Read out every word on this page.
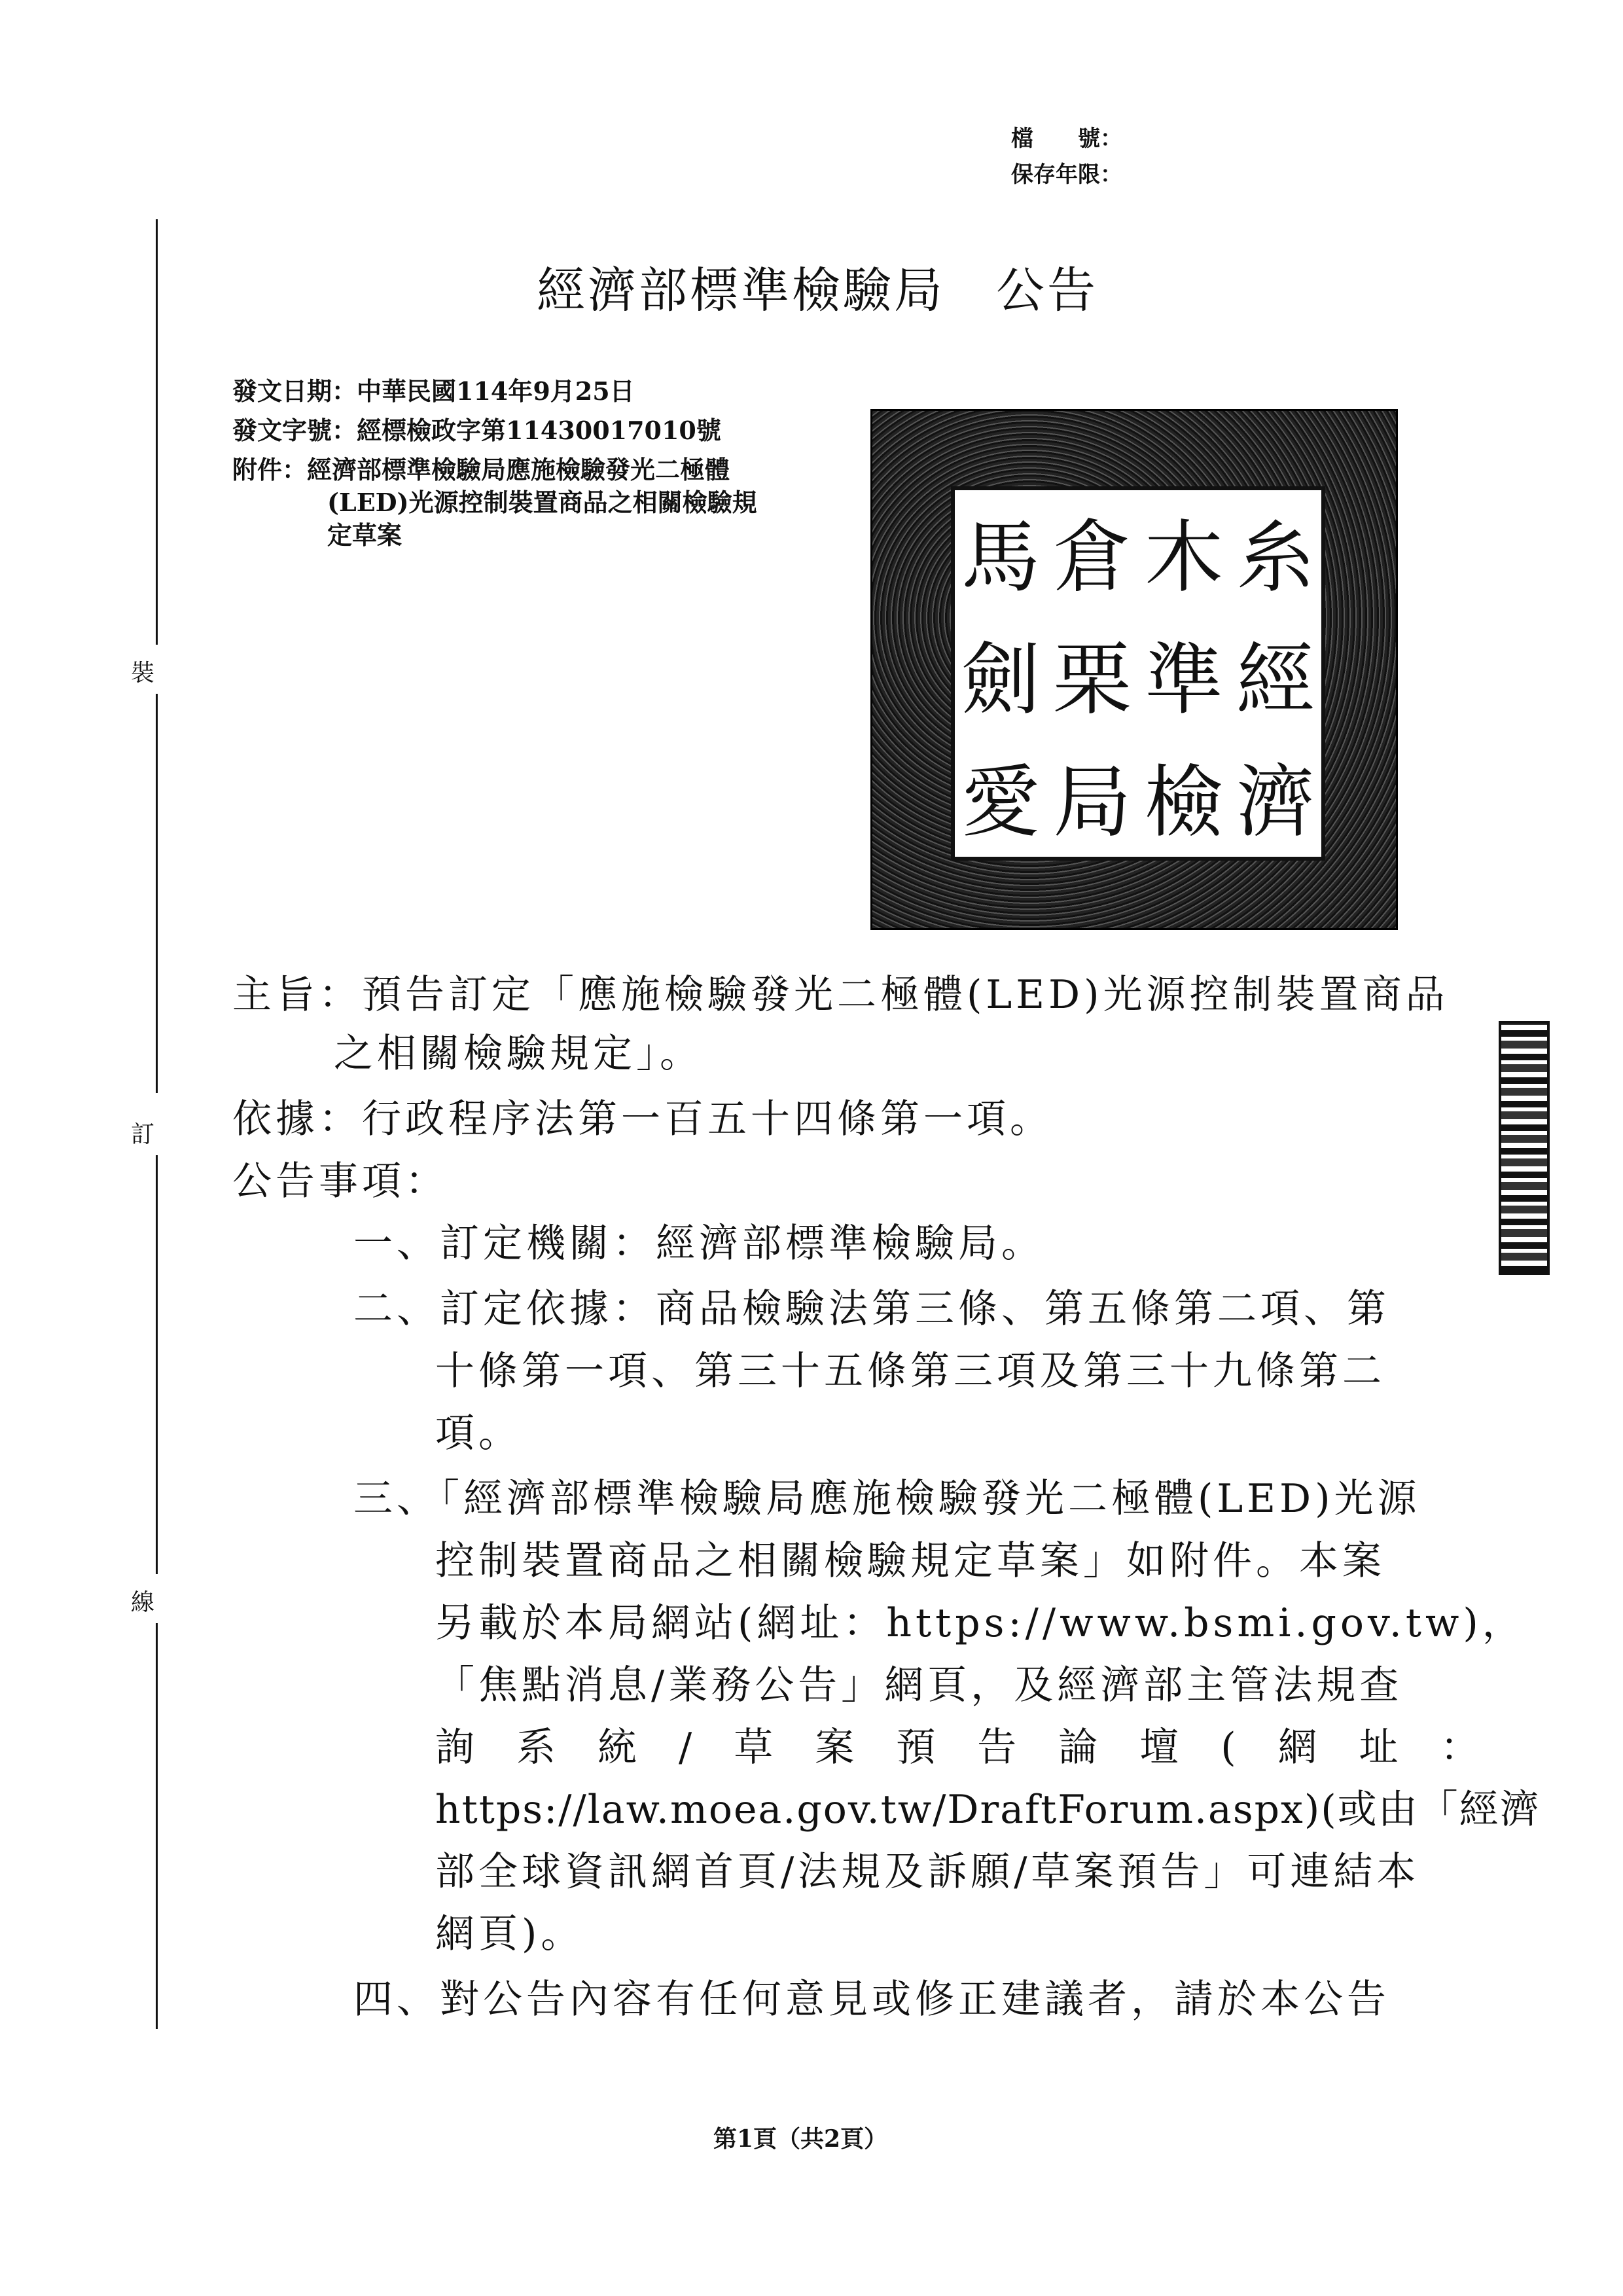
檔　　號：
保存年限：
裝
訂
線
經濟部標準檢驗局　公告
發文日期：中華民國114年9月25日
發文字號：經標檢政字第11430017010號
附件：經濟部標準檢驗局應施檢驗發光二極體
(LED)光源控制裝置商品之相關檢驗規
定草案	馬 倉 木 糸
劍 栗 準 經
愛 局 檢 濟
主旨：預告訂定「應施檢驗發光二極體(LED)光源控制裝置商品
之相關檢驗規定」。
依據：行政程序法第一百五十四條第一項。
公告事項：
一、訂定機關：經濟部標準檢驗局。
二、訂定依據：商品檢驗法第三條、第五條第二項、第
十條第一項、第三十五條第三項及第三十九條第二
項。
三、「經濟部標準檢驗局應施檢驗發光二極體(LED)光源
控制裝置商品之相關檢驗規定草案」如附件。本案
另載於本局網站(網址：https://www.bsmi.gov.tw)，
「焦點消息/業務公告」網頁，及經濟部主管法規查
詢　系　統　/　草　案　預　告　論　壇　(　網　址　：
https://law.moea.gov.tw/DraftForum.aspx)(或由「經濟
部全球資訊網首頁/法規及訴願/草案預告」可連結本
網頁)。
四、對公告內容有任何意見或修正建議者，請於本公告
第1頁（共2頁）
